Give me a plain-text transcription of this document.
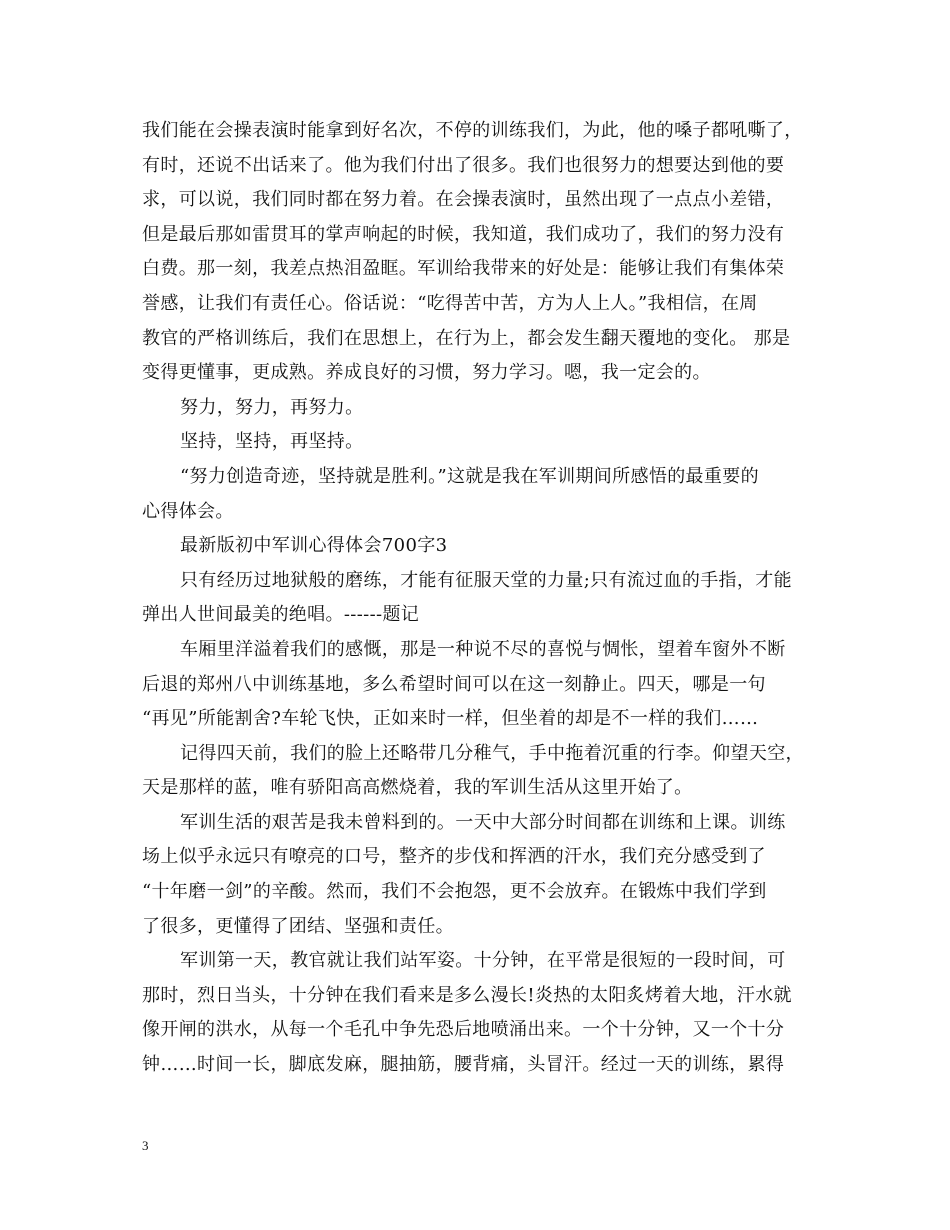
我们能在会操表演时能拿到好名次，不停的训练我们，为此，他的嗓子都吼嘶了，
有时，还说不出话来了。他为我们付出了很多。我们也很努力的想要达到他的要
求，可以说，我们同时都在努力着。在会操表演时，虽然出现了一点点小差错，
但是最后那如雷贯耳的掌声响起的时候，我知道，我们成功了，我们的努力没有
白费。那一刻，我差点热泪盈眶。军训给我带来的好处是：能够让我们有集体荣
誉感，让我们有责任心。俗话说：“吃得苦中苦，方为人上人。”我相信，在周
教官的严格训练后，我们在思想上，在行为上，都会发生翻天覆地的变化。 那是
变得更懂事，更成熟。养成良好的习惯，努力学习。嗯，我一定会的。
努力，努力，再努力。
坚持，坚持，再坚持。
“努力创造奇迹，坚持就是胜利。”这就是我在军训期间所感悟的最重要的
心得体会。
最新版初中军训心得体会700字3
只有经历过地狱般的磨练，才能有征服天堂的力量;只有流过血的手指，才能
弹出人世间最美的绝唱。------题记
车厢里洋溢着我们的感慨，那是一种说不尽的喜悦与惆怅，望着车窗外不断
后退的郑州八中训练基地，多么希望时间可以在这一刻静止。四天，哪是一句
“再见”所能割舍?车轮飞快，正如来时一样，但坐着的却是不一样的我们……
记得四天前，我们的脸上还略带几分稚气，手中拖着沉重的行李。仰望天空，
天是那样的蓝，唯有骄阳高高燃烧着，我的军训生活从这里开始了。
军训生活的艰苦是我未曾料到的。一天中大部分时间都在训练和上课。训练
场上似乎永远只有嘹亮的口号，整齐的步伐和挥洒的汗水，我们充分感受到了
“十年磨一剑”的辛酸。然而，我们不会抱怨，更不会放弃。在锻炼中我们学到
了很多，更懂得了团结、坚强和责任。
军训第一天，教官就让我们站军姿。十分钟，在平常是很短的一段时间，可
那时，烈日当头，十分钟在我们看来是多么漫长!炎热的太阳炙烤着大地，汗水就
像开闸的洪水，从每一个毛孔中争先恐后地喷涌出来。一个十分钟，又一个十分
钟……时间一长，脚底发麻，腿抽筋，腰背痛，头冒汗。经过一天的训练，累得
3
